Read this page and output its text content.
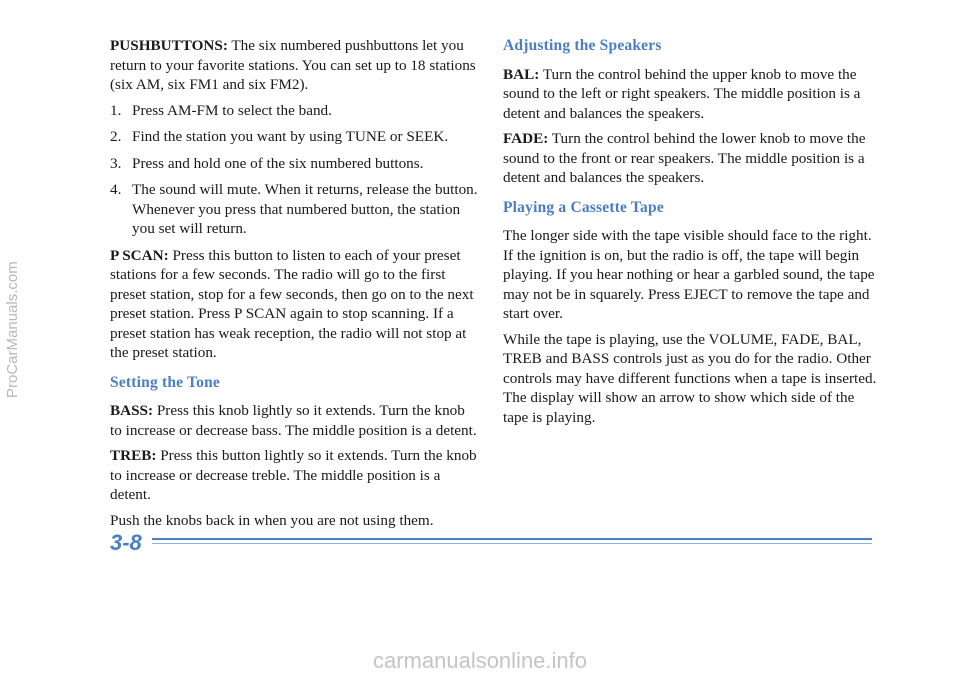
PUSHBUTTONS: The six numbered pushbuttons let you return to your favorite stations. You can set up to 18 stations (six AM, six FM1 and six FM2).

1. Press AM-FM to select the band.
2. Find the station you want by using TUNE or SEEK.
3. Press and hold one of the six numbered buttons.
4. The sound will mute. When it returns, release the button. Whenever you press that numbered button, the station you set will return.

P SCAN: Press this button to listen to each of your preset stations for a few seconds. The radio will go to the first preset station, stop for a few seconds, then go on to the next preset station. Press P SCAN again to stop scanning. If a preset station has weak reception, the radio will not stop at the preset station.

Setting the Tone

BASS: Press this knob lightly so it extends. Turn the knob to increase or decrease bass. The middle position is a detent.

TREB: Press this button lightly so it extends. Turn the knob to increase or decrease treble. The middle position is a detent.

Push the knobs back in when you are not using them.

Adjusting the Speakers

BAL: Turn the control behind the upper knob to move the sound to the left or right speakers. The middle position is a detent and balances the speakers.

FADE: Turn the control behind the lower knob to move the sound to the front or rear speakers. The middle position is a detent and balances the speakers.

Playing a Cassette Tape

The longer side with the tape visible should face to the right. If the ignition is on, but the radio is off, the tape will begin playing. If you hear nothing or hear a garbled sound, the tape may not be in squarely. Press EJECT to remove the tape and start over.

While the tape is playing, use the VOLUME, FADE, BAL, TREB and BASS controls just as you do for the radio. Other controls may have different functions when a tape is inserted. The display will show an arrow to show which side of the tape is playing.

3-8
ProCarManuals.com
carmanualsonline.info
